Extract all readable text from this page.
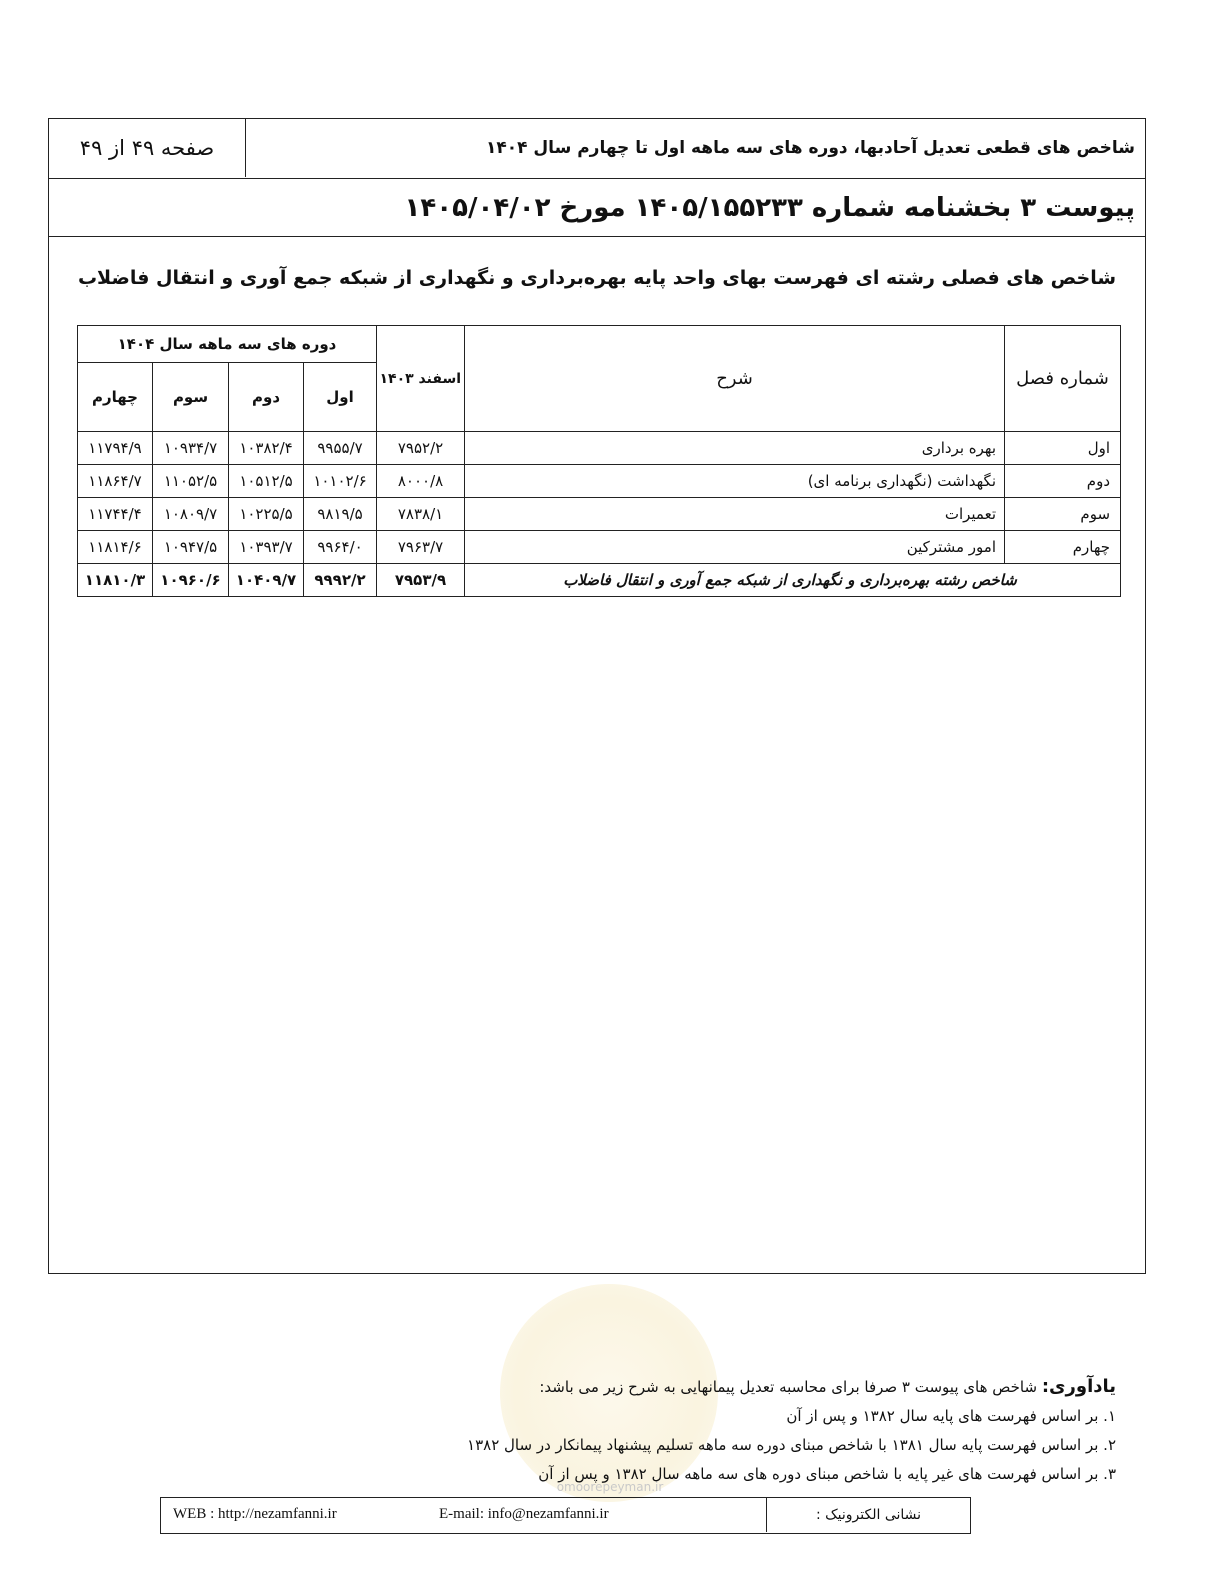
صفحه ۴۹ از ۴۹	شاخص های قطعی تعدیل آحادبها، دوره های سه ماهه اول تا چهارم سال ۱۴۰۴
پیوست ۳ بخشنامه شماره ۱۴۰۵/۱۵۵۲۳۳ مورخ ۱۴۰۵/۰۴/۰۲
شاخص های فصلی رشته ای فهرست بهای واحد پایه بهره‌برداری و نگهداری از شبکه جمع آوری و انتقال فاضلاب
شماره فصل	شرح	اسفند ۱۴۰۳	دوره های سه ماهه سال ۱۴۰۴			
			اول	دوم	سوم	چهارم
اول	بهره برداری	۷۹۵۲/۲	۹۹۵۵/۷	۱۰۳۸۲/۴	۱۰۹۳۴/۷	۱۱۷۹۴/۹
دوم	نگهداشت (نگهداری برنامه ای)	۸۰۰۰/۸	۱۰۱۰۲/۶	۱۰۵۱۲/۵	۱۱۰۵۲/۵	۱۱۸۶۴/۷
سوم	تعمیرات	۷۸۳۸/۱	۹۸۱۹/۵	۱۰۲۲۵/۵	۱۰۸۰۹/۷	۱۱۷۴۴/۴
چهارم	امور مشترکین	۷۹۶۳/۷	۹۹۶۴/۰	۱۰۳۹۳/۷	۱۰۹۴۷/۵	۱۱۸۱۴/۶
شاخص رشته بهره‌برداری و نگهداری از شبکه جمع آوری و انتقال فاضلاب		۷۹۵۳/۹	۹۹۹۲/۲	۱۰۴۰۹/۷	۱۰۹۶۰/۶	۱۱۸۱۰/۳
omoorepeyman.ir
یادآوری: شاخص های پیوست ۳ صرفا برای محاسبه تعدیل پیمانهایی به شرح زیر می باشد:
۱. بر اساس فهرست های پایه سال ۱۳۸۲ و پس از آن
۲. بر اساس فهرست پایه سال ۱۳۸۱ با شاخص مبنای دوره سه ماهه تسلیم پیشنهاد پیمانکار در سال ۱۳۸۲
۳. بر اساس فهرست های غیر پایه با شاخص مبنای دوره های سه ماهه سال ۱۳۸۲ و پس از آن
نشانی الکترونیک :
E-mail: info@nezamfanni.ir
WEB : http://nezamfanni.ir
